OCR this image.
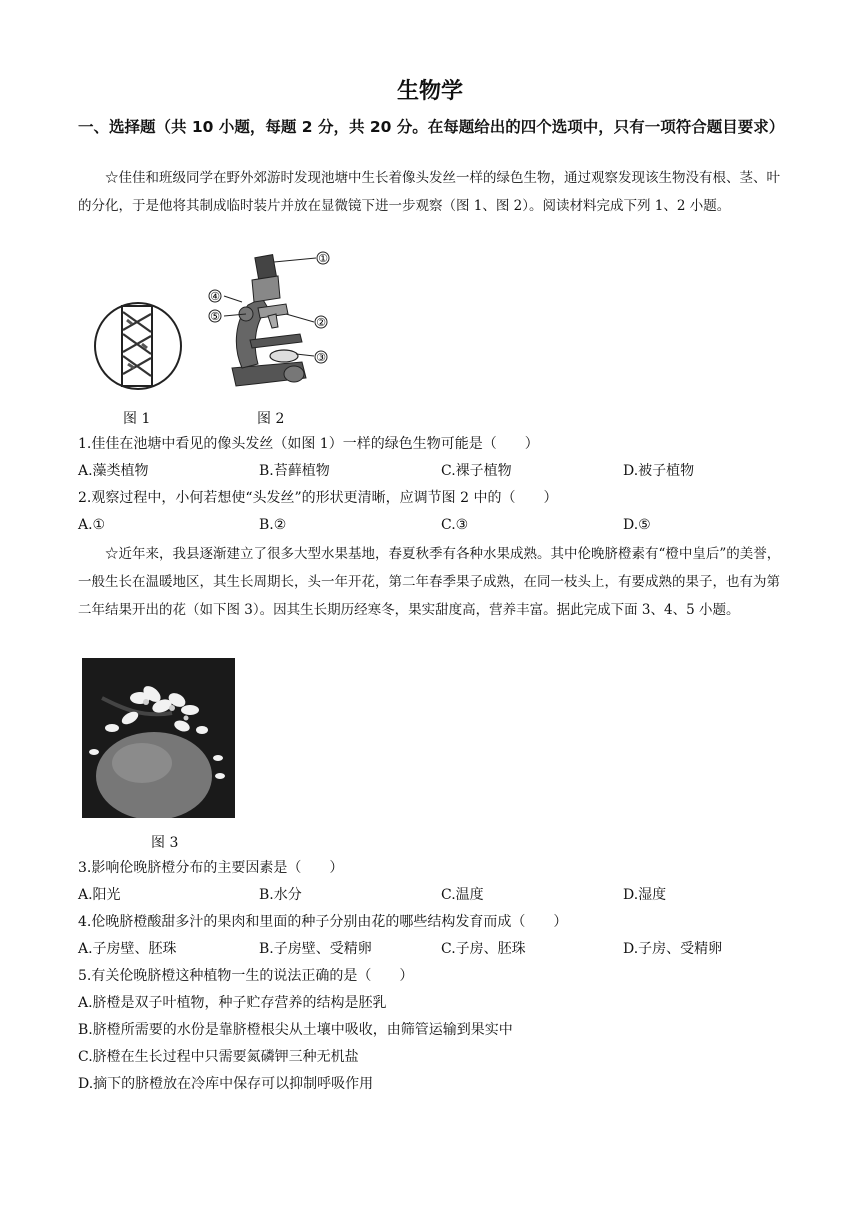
生物学
一、选择题（共 10 小题，每题 2 分，共 20 分。在每题给出的四个选项中，只有一项符合题目要求）
☆佳佳和班级同学在野外郊游时发现池塘中生长着像头发丝一样的绿色生物，通过观察发现该生物没有根、茎、叶的分化，于是他将其制成临时装片并放在显微镜下进一步观察（图 1、图 2）。阅读材料完成下列 1、2 小题。
①
②
③
④
⑤
图 1	图 2
1.佳佳在池塘中看见的像头发丝（如图 1）一样的绿色生物可能是（　　）
A.藻类植物	B.苔藓植物	C.裸子植物	D.被子植物
2.观察过程中，小何若想使“头发丝”的形状更清晰，应调节图 2 中的（　　）
A.①	B.②	C.③	D.⑤
☆近年来，我县逐渐建立了很多大型水果基地，春夏秋季有各种水果成熟。其中伦晚脐橙素有“橙中皇后”的美誉，一般生长在温暖地区，其生长周期长，头一年开花，第二年春季果子成熟，在同一枝头上，有要成熟的果子，也有为第二年结果开出的花（如下图 3）。因其生长期历经寒冬，果实甜度高，营养丰富。据此完成下面 3、4、5 小题。
图 3
3.影响伦晚脐橙分布的主要因素是（　　）
A.阳光	B.水分	C.温度	D.湿度
4.伦晚脐橙酸甜多汁的果肉和里面的种子分别由花的哪些结构发育而成（　　）
A.子房壁、胚珠	B.子房壁、受精卵	C.子房、胚珠	D.子房、受精卵
5.有关伦晚脐橙这种植物一生的说法正确的是（　　）
A.脐橙是双子叶植物，种子贮存营养的结构是胚乳
B.脐橙所需要的水份是靠脐橙根尖从土壤中吸收，由筛管运输到果实中
C.脐橙在生长过程中只需要氮磷钾三种无机盐
D.摘下的脐橙放在冷库中保存可以抑制呼吸作用
